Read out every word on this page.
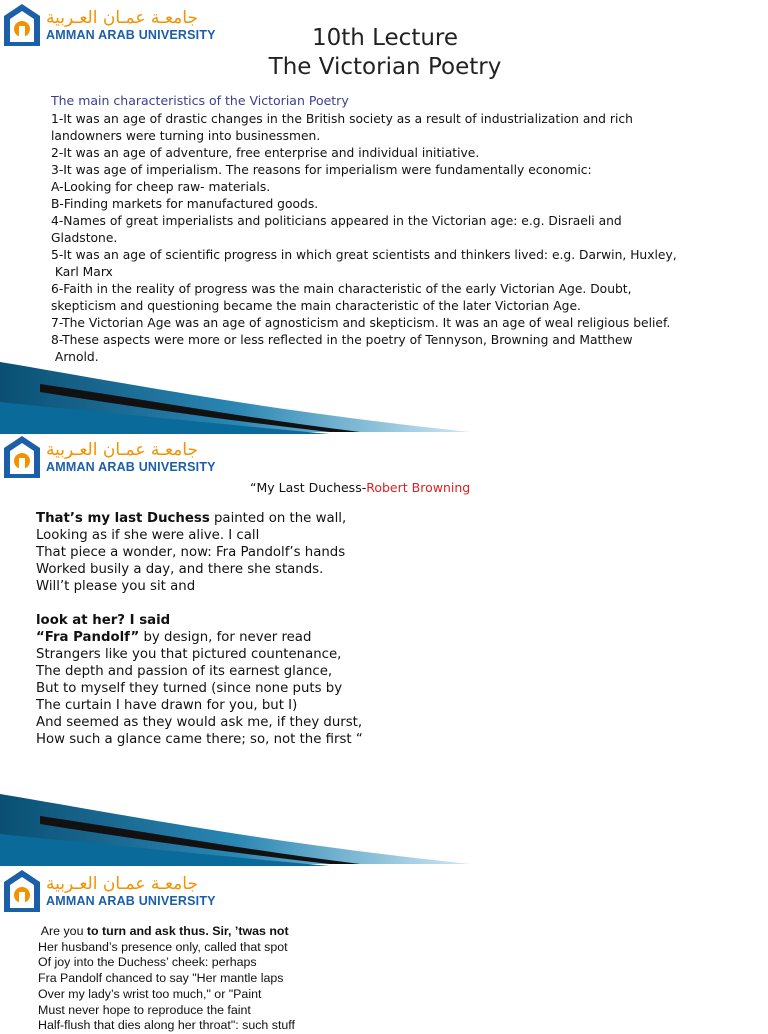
جامعـة عمـان العـربية
AMMAN ARAB UNIVERSITY	10th Lecture
The Victorian Poetry
The main characteristics of the Victorian Poetry
1-It was an age of drastic changes in the British society as a result of industrialization and rich
landowners were turning into businessmen.
2-It was an age of adventure, free enterprise and individual initiative.
3-It was age of imperialism. The reasons for imperialism were fundamentally economic:
A-Looking for cheep raw- materials.
B-Finding markets for manufactured goods.
4-Names of great imperialists and politicians appeared in the Victorian age: e.g. Disraeli and
Gladstone.
5-It was an age of scientific progress in which great scientists and thinkers lived: e.g. Darwin, Huxley,
Karl Marx
6-Faith in the reality of progress was the main characteristic of the early Victorian Age. Doubt,
skepticism and questioning became the main characteristic of the later Victorian Age.
7-The Victorian Age was an age of agnosticism and skepticism. It was an age of weal religious belief.
8-These aspects were more or less reflected in the poetry of Tennyson, Browning and Matthew
Arnold.
جامعـة عمـان العـربية
AMMAN ARAB UNIVERSITY
“My Last Duchess-Robert Browning
That’s my last Duchess painted on the wall,
Looking as if she were alive. I call
That piece a wonder, now: Fra Pandolf’s hands
Worked busily a day, and there she stands.
Will’t please you sit and
look at her? I said
“Fra Pandolf” by design, for never read
Strangers like you that pictured countenance,
The depth and passion of its earnest glance,
But to myself they turned (since none puts by
The curtain I have drawn for you, but I)
And seemed as they would ask me, if they durst,
How such a glance came there; so, not the first “
جامعـة عمـان العـربية
AMMAN ARAB UNIVERSITY
Are you to turn and ask thus. Sir, ’twas not
Her husband’s presence only, called that spot
Of joy into the Duchess’ cheek: perhaps
Fra Pandolf chanced to say "Her mantle laps
Over my lady’s wrist too much," or "Paint
Must never hope to reproduce the faint
Half-flush that dies along her throat": such stuff
